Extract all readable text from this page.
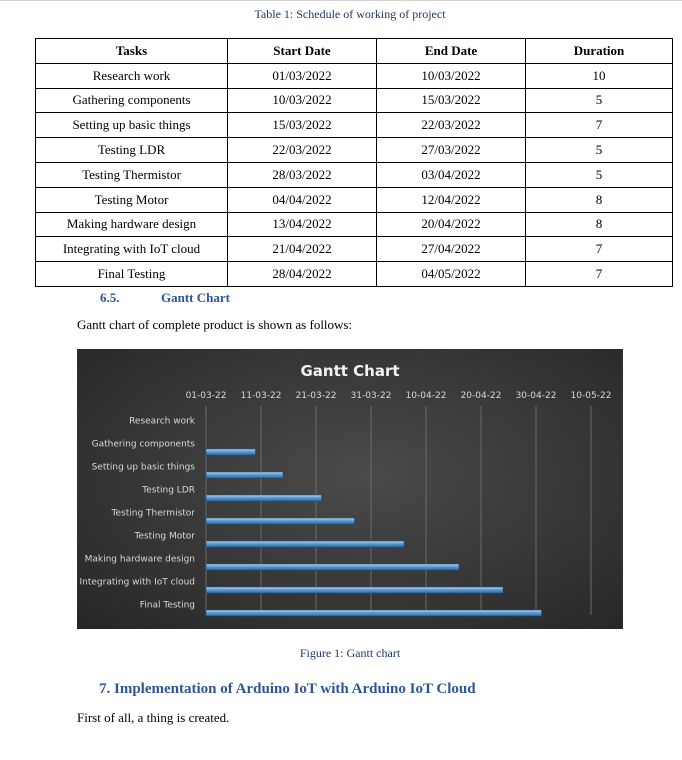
Table 1: Schedule of working of project
Tasks	Start Date	End Date	Duration
Research work	01/03/2022	10/03/2022	10
Gathering components	10/03/2022	15/03/2022	5
Setting up basic things	15/03/2022	22/03/2022	7
Testing LDR	22/03/2022	27/03/2022	5
Testing Thermistor	28/03/2022	03/04/2022	5
Testing Motor	04/04/2022	12/04/2022	8
Making hardware design	13/04/2022	20/04/2022	8
Integrating with IoT cloud	21/04/2022	27/04/2022	7
Final Testing	28/04/2022	04/05/2022	7
6.5.	Gantt Chart
Gantt chart of complete product is shown as follows:
Gantt Chart
01-03-22 11-03-22 21-03-22 31-03-22 10-04-22 20-04-22 30-04-22 10-05-22
Research work
Gathering components
Setting up basic things
Testing LDR
Testing Thermistor
Testing Motor
Making hardware design
Integrating with IoT cloud
Final Testing
Figure 1: Gantt chart
7. Implementation of Arduino IoT with Arduino IoT Cloud
First of all, a thing is created.
